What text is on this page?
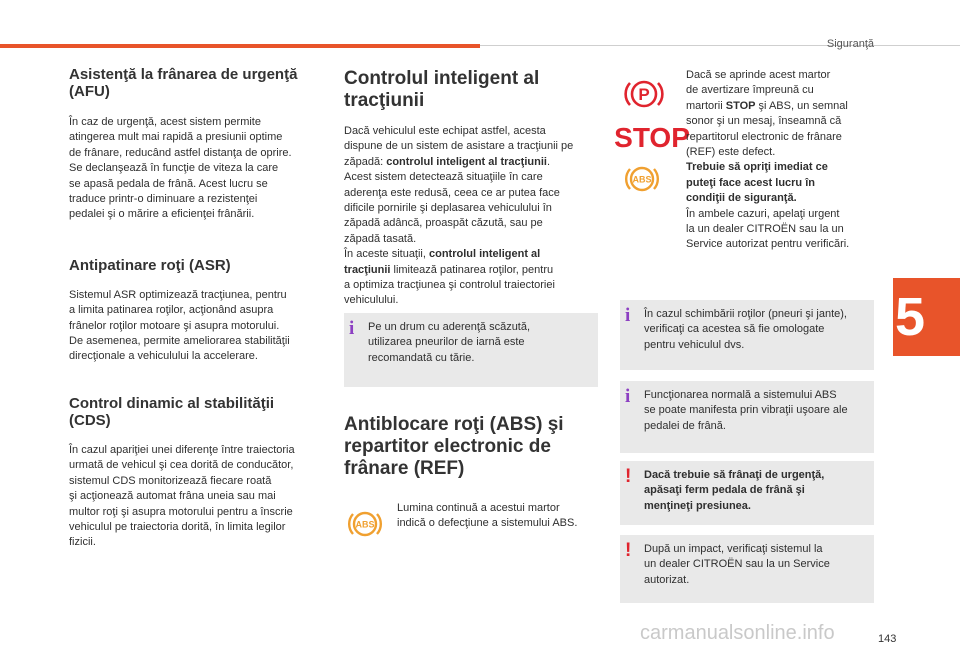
Siguranţă
5
Asistenţă la frânarea de urgenţă
(AFU)
În caz de urgenţă, acest sistem permite
atingerea mult mai rapidă a presiunii optime
de frânare, reducând astfel distanţa de oprire.
Se declanşează în funcţie de viteza la care
se apasă pedala de frână. Acest lucru se
traduce printr-o diminuare a rezistenţei
pedalei şi o mărire a eficienţei frânării.
Antipatinare roţi (ASR)
Sistemul ASR optimizează tracţiunea, pentru
a limita patinarea roţilor, acţionând asupra
frânelor roţilor motoare şi asupra motorului.
De asemenea, permite ameliorarea stabilităţii
direcţionale a vehiculului la accelerare.
Control dinamic al stabilităţii
(CDS)
În cazul apariţiei unei diferenţe între traiectoria
urmată de vehicul şi cea dorită de conducător,
sistemul CDS monitorizează fiecare roată
şi acţionează automat frâna uneia sau mai
multor roţi şi asupra motorului pentru a înscrie
vehiculul pe traiectoria dorită, în limita legilor
fizicii.
Controlul inteligent al
tracţiunii
Dacă vehiculul este echipat astfel, acesta
dispune de un sistem de asistare a tracţiunii pe
zăpadă: controlul inteligent al tracţiunii.
Acest sistem detectează situaţiile în care
aderenţa este redusă, ceea ce ar putea face
dificile pornirile şi deplasarea vehiculului în
zăpadă adâncă, proaspăt căzută, sau pe
zăpadă tasată.
În aceste situaţii, controlul inteligent al
tracţiunii limitează patinarea roţilor, pentru
a optimiza tracţiunea şi controlul traiectoriei
vehiculului.
i Pe un drum cu aderenţă scăzută,
utilizarea pneurilor de iarnă este
recomandată cu tărie.
Antiblocare roţi (ABS) şi
repartitor electronic de
frânare (REF)
ABS
Lumina continuă a acestui martor
indică o defecţiune a sistemului ABS.
P
STOP
ABS
Dacă se aprinde acest martor
de avertizare împreună cu
martorii STOP şi ABS, un semnal
sonor şi un mesaj, înseamnă că
repartitorul electronic de frânare
(REF) este defect.
Trebuie să opriţi imediat ce
puteţi face acest lucru în
condiţii de siguranţă.
În ambele cazuri, apelaţi urgent
la un dealer CITROËN sau la un
Service autorizat pentru verificări.
i În cazul schimbării roţilor (pneuri şi jante),
verificaţi ca acestea să fie omologate
pentru vehiculul dvs.
i Funcţionarea normală a sistemului ABS
se poate manifesta prin vibraţii uşoare ale
pedalei de frână.
! Dacă trebuie să frânaţi de urgenţă,
apăsaţi ferm pedala de frână şi
menţineţi presiunea.
! După un impact, verificaţi sistemul la
un dealer CITROËN sau la un Service
autorizat.
carmanualsonline.info	143
